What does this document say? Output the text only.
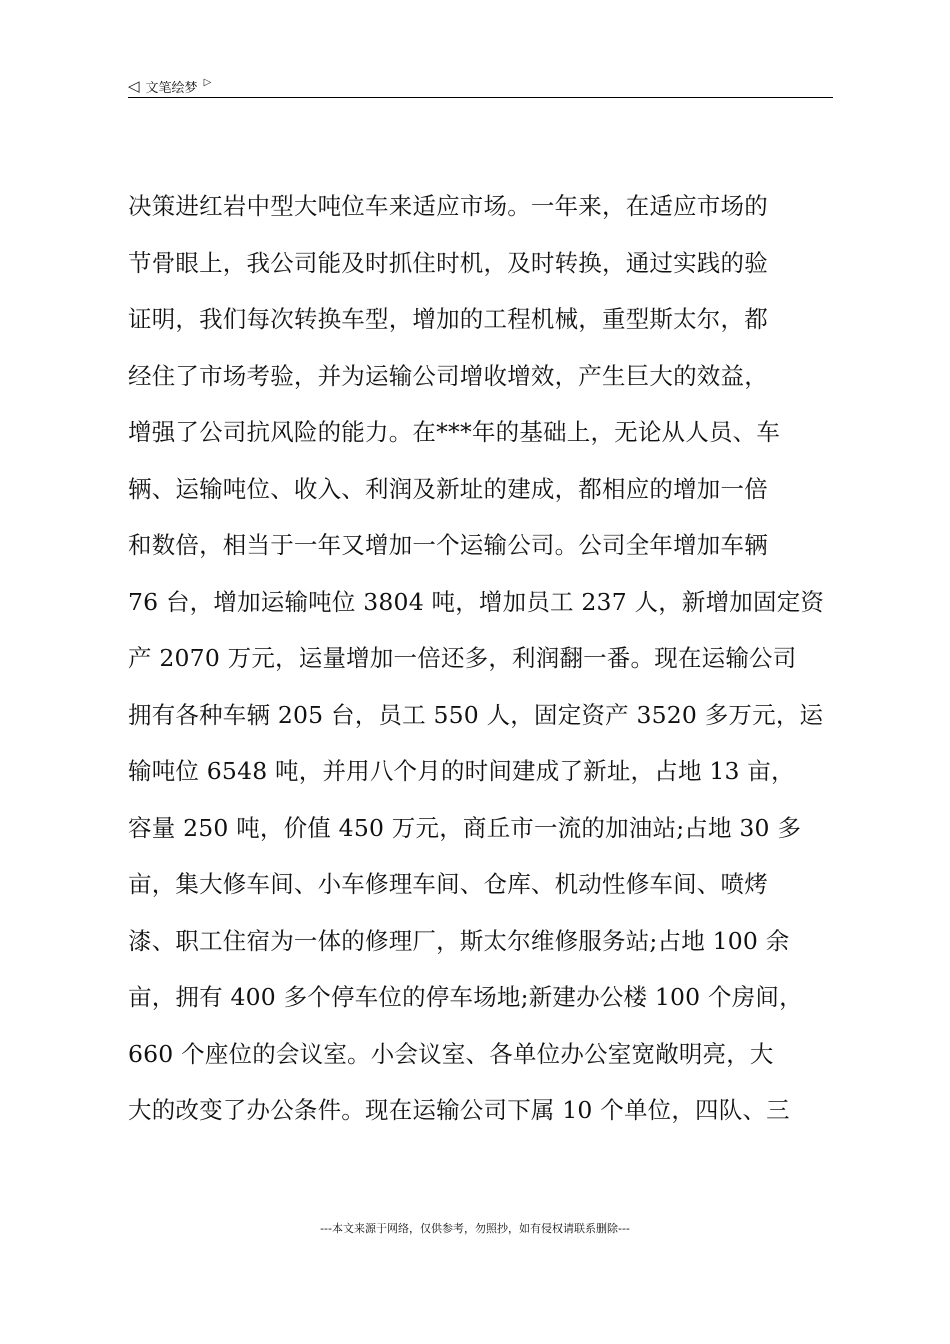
◁ 文笔绘梦 ▷
决策进红岩中型大吨位车来适应市场。一年来，在适应市场的
节骨眼上，我公司能及时抓住时机，及时转换，通过实践的验
证明，我们每次转换车型，增加的工程机械，重型斯太尔，都
经住了市场考验，并为运输公司增收增效，产生巨大的效益，
增强了公司抗风险的能力。在***年的基础上，无论从人员、车
辆、运输吨位、收入、利润及新址的建成，都相应的增加一倍
和数倍，相当于一年又增加一个运输公司。公司全年增加车辆
76 台，增加运输吨位 3804 吨，增加员工 237 人，新增加固定资
产 2070 万元，运量增加一倍还多，利润翻一番。现在运输公司
拥有各种车辆 205 台，员工 550 人，固定资产 3520 多万元，运
输吨位 6548 吨，并用八个月的时间建成了新址，占地 13 亩，
容量 250 吨，价值 450 万元，商丘市一流的加油站;占地 30 多
亩，集大修车间、小车修理车间、仓库、机动性修车间、喷烤
漆、职工住宿为一体的修理厂，斯太尔维修服务站;占地 100 余
亩，拥有 400 多个停车位的停车场地;新建办公楼 100 个房间，
660 个座位的会议室。小会议室、各单位办公室宽敞明亮，大
大的改变了办公条件。现在运输公司下属 10 个单位，四队、三
---本文来源于网络，仅供参考，勿照抄，如有侵权请联系删除---
